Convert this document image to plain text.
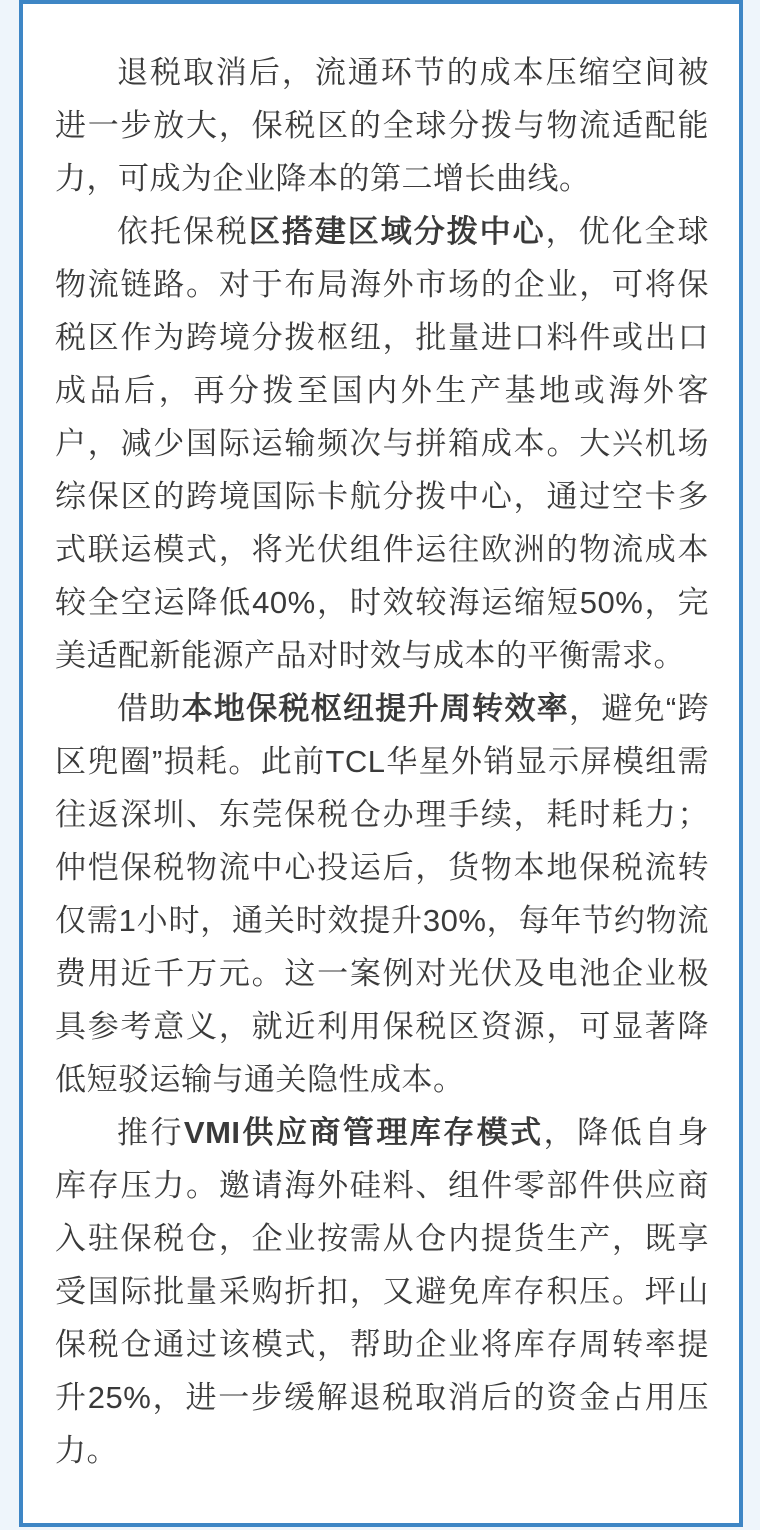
退税取消后，流通环节的成本压缩空间被进一步放大，保税区的全球分拨与物流适配能力，可成为企业降本的第二增长曲线。

依托保税区搭建区域分拨中心，优化全球物流链路。对于布局海外市场的企业，可将保税区作为跨境分拨枢纽，批量进口料件或出口成品后，再分拨至国内外生产基地或海外客户，减少国际运输频次与拼箱成本。大兴机场综保区的跨境国际卡航分拨中心，通过空卡多式联运模式，将光伏组件运往欧洲的物流成本较全空运降低40%，时效较海运缩短50%，完美适配新能源产品对时效与成本的平衡需求。

借助本地保税枢纽提升周转效率，避免“跨区兜圈”损耗。此前TCL华星外销显示屏模组需往返深圳、东莞保税仓办理手续，耗时耗力；仲恺保税物流中心投运后，货物本地保税流转仅需1小时，通关时效提升30%，每年节约物流费用近千万元。这一案例对光伏及电池企业极具参考意义，就近利用保税区资源，可显著降低短驳运输与通关隐性成本。

推行VMI供应商管理库存模式，降低自身库存压力。邀请海外硅料、组件零部件供应商入驻保税仓，企业按需从仓内提货生产，既享受国际批量采购折扣，又避免库存积压。坪山保税仓通过该模式，帮助企业将库存周转率提升25%，进一步缓解退税取消后的资金占用压力。
